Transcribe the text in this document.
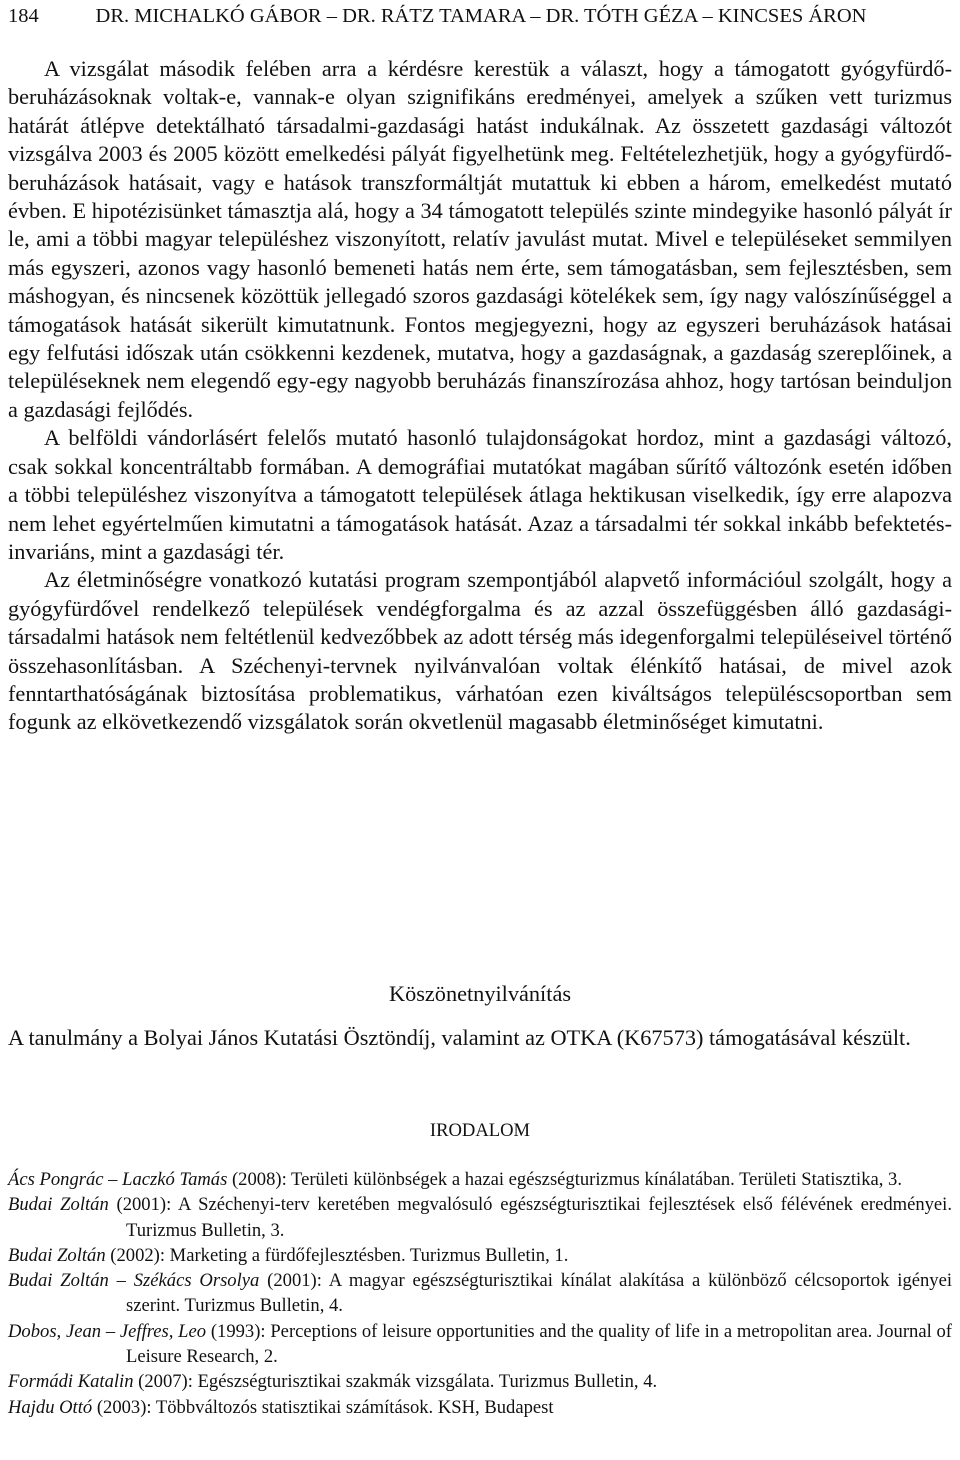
184	DR. MICHALKÓ GÁBOR – DR. RÁTZ TAMARA – DR. TÓTH GÉZA – KINCSES ÁRON

A vizsgálat második felében arra a kérdésre kerestük a választ, hogy a támogatott gyógyfürdő-beruházásoknak voltak-e, vannak-e olyan szignifikáns eredményei, amelyek a szűken vett turizmus határát átlépve detektálható társadalmi-gazdasági hatást indukálnak. Az összetett gazdasági változót vizsgálva 2003 és 2005 között emelkedési pályát figyelhetünk meg. Feltételezhetjük, hogy a gyógyfürdő-beruházások hatásait, vagy e hatások transzformáltját mutattuk ki ebben a három, emelkedést mutató évben. E hipotézisünket támasztja alá, hogy a 34 támogatott település szinte mindegyike hasonló pályát ír le, ami a többi magyar településhez viszonyított, relatív javulást mutat. Mivel e településeket semmilyen más egyszeri, azonos vagy hasonló bemeneti hatás nem érte, sem támogatásban, sem fejlesztésben, sem máshogyan, és nincsenek közöttük jellegadó szoros gazdasági kötelékek sem, így nagy valószínűséggel a támogatások hatását sikerült kimutatnunk. Fontos megjegyezni, hogy az egyszeri beruházások hatásai egy felfutási időszak után csökkenni kezdenek, mutatva, hogy a gazdaságnak, a gazdaság szereplőinek, a településeknek nem elegendő egy-egy nagyobb beruházás finanszírozása ahhoz, hogy tartósan beinduljon a gazdasági fejlődés.

A belföldi vándorlásért felelős mutató hasonló tulajdonságokat hordoz, mint a gazdasági változó, csak sokkal koncentráltabb formában. A demográfiai mutatókat magában sűrítő változónk esetén időben a többi településhez viszonyítva a támogatott települések átlaga hektikusan viselkedik, így erre alapozva nem lehet egyértelműen kimutatni a támogatások hatását. Azaz a társadalmi tér sokkal inkább befektetés-invariáns, mint a gazdasági tér.

Az életminőségre vonatkozó kutatási program szempontjából alapvető információul szolgált, hogy a gyógyfürdővel rendelkező települések vendégforgalma és az azzal összefüggésben álló gazdasági-társadalmi hatások nem feltétlenül kedvezőbbek az adott térség más idegenforgalmi településeivel történő összehasonlításban. A Széchenyi-tervnek nyilvánvalóan voltak élénkítő hatásai, de mivel azok fenntarthatóságának biztosítása problematikus, várhatóan ezen kiváltságos településcsoportban sem fogunk az elkövetkezendő vizsgálatok során okvetlenül magasabb életminőséget kimutatni.

Köszönetnyilvánítás
A tanulmány a Bolyai János Kutatási Ösztöndíj, valamint az OTKA (K67573) támogatásával készült.
IRODALOM

Ács Pongrác – Laczkó Tamás (2008): Területi különbségek a hazai egészségturizmus kínálatában. Területi Statisztika, 3.

Budai Zoltán (2001): A Széchenyi-terv keretében megvalósuló egészségturisztikai fejlesztések első félévének eredményei. Turizmus Bulletin, 3.

Budai Zoltán (2002): Marketing a fürdőfejlesztésben. Turizmus Bulletin, 1.

Budai Zoltán – Székács Orsolya (2001): A magyar egészségturisztikai kínálat alakítása a különböző célcsoportok igényei szerint. Turizmus Bulletin, 4.

Dobos, Jean – Jeffres, Leo (1993): Perceptions of leisure opportunities and the quality of life in a metropolitan area. Journal of Leisure Research, 2.

Formádi Katalin (2007): Egészségturisztikai szakmák vizsgálata. Turizmus Bulletin, 4.

Hajdu Ottó (2003): Többváltozós statisztikai számítások. KSH, Budapest
